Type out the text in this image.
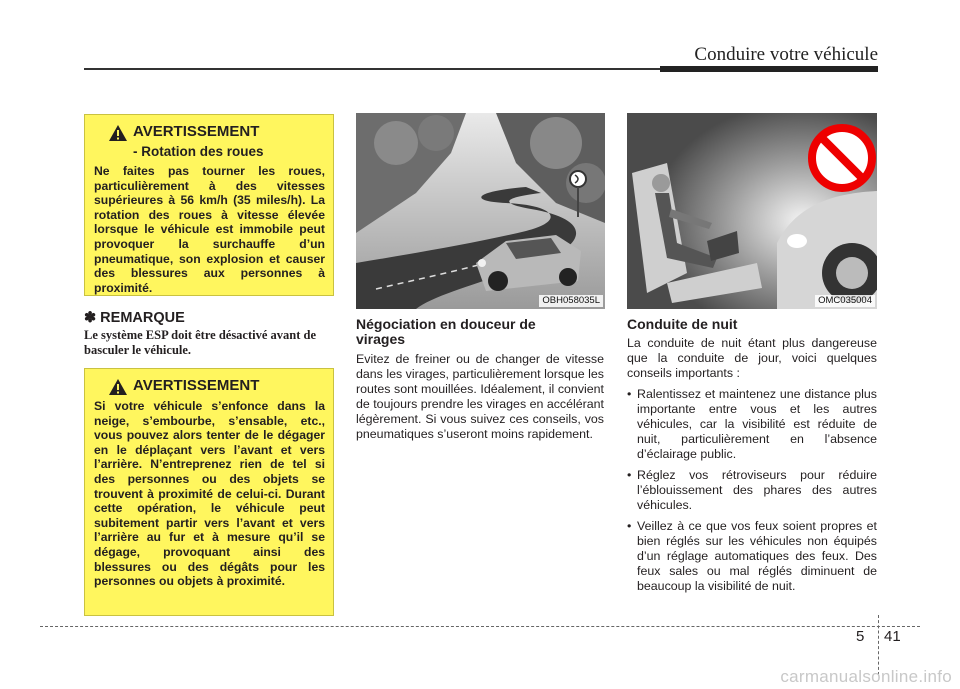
Conduire votre véhicule
AVERTISSEMENT
- Rotation des roues
Ne faites pas tourner les roues, particulièrement à des vitesses supérieures à 56 km/h (35 miles/h). La rotation des roues à vitesse élevée lorsque le véhicule est immobile peut provoquer la surchauffe d’un pneumatique, son explosion et causer des blessures aux personnes à proximité.
✽ REMARQUE
Le système ESP doit être désactivé avant de basculer le véhicule.
AVERTISSEMENT
Si votre véhicule s’enfonce dans la neige, s’embourbe, s’ensable, etc., vous pouvez alors tenter de le dégager en le déplaçant vers l’avant et vers l’arrière. N’entreprenez rien de tel si des personnes ou des objets se trouvent à proximité de celui-ci. Durant cette opération, le véhicule peut subitement partir vers l’avant et vers l’arrière au fur et à mesure qu’il se dégage, provoquant ainsi des blessures ou des dégâts pour les personnes ou objets à proximité.
OBH058035L	OMC035004
Négociation en douceur de virages
Evitez de freiner ou de changer de vitesse dans les virages, particulièrement lorsque les routes sont mouillées. Idéalement, il convient de toujours prendre les virages en accélérant légèrement. Si vous suivez ces conseils, vos pneumatiques s’useront moins rapidement.
Conduite de nuit
La conduite de nuit étant plus dangereuse que la conduite de jour, voici quelques conseils importants :
• Ralentissez et maintenez une distance plus importante entre vous et les autres véhicules, car la visibilité est réduite de nuit, particulièrement en l’absence d’éclairage public.
• Réglez vos rétroviseurs pour réduire l’éblouissement des phares des autres véhicules.
• Veillez à ce que vos feux soient propres et bien réglés sur les véhicules non équipés d’un réglage automatiques des feux. Des feux sales ou mal réglés diminuent de beaucoup la visibilité de nuit.
5 41
carmanualsonline.info
